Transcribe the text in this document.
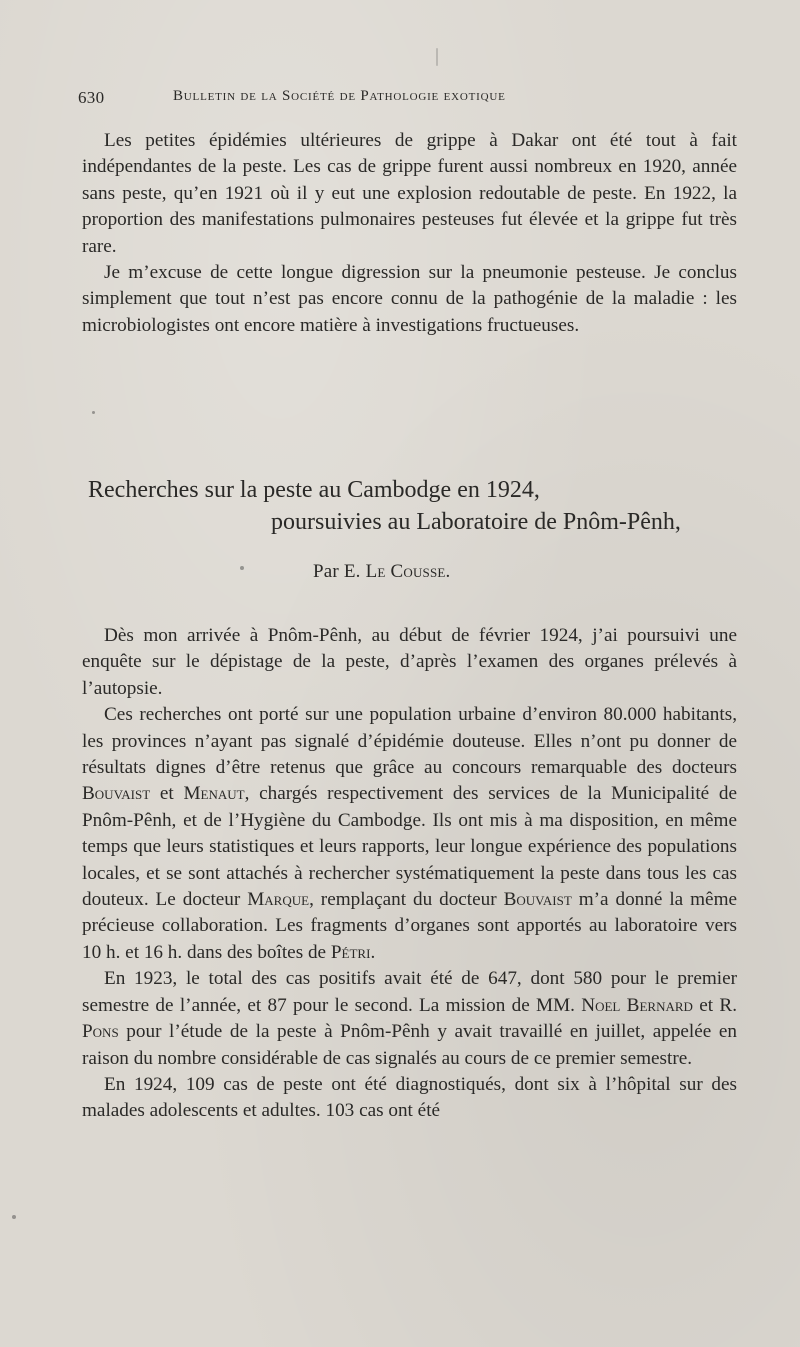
630	Bulletin de la Société de Pathologie exotique

Les petites épidémies ultérieures de grippe à Dakar ont été tout à fait indépendantes de la peste. Les cas de grippe furent aussi nombreux en 1920, année sans peste, qu’en 1921 où il y eut une explosion redoutable de peste. En 1922, la proportion des manifestations pulmonaires pesteuses fut élevée et la grippe fut très rare.

Je m’excuse de cette longue digression sur la pneumonie pesteuse. Je conclus simplement que tout n’est pas encore connu de la pathogénie de la maladie : les microbiologistes ont encore matière à investigations fructueuses.

Recherches sur la peste au Cambodge en 1924,
poursuivies au Laboratoire de Pnôm-Pênh,
Par E. Le Cousse.

Dès mon arrivée à Pnôm-Pênh, au début de février 1924, j’ai poursuivi une enquête sur le dépistage de la peste, d’après l’examen des organes prélevés à l’autopsie.

Ces recherches ont porté sur une population urbaine d’environ 80.000 habitants, les provinces n’ayant pas signalé d’épidémie douteuse. Elles n’ont pu donner de résultats dignes d’être retenus que grâce au concours remarquable des docteurs Bouvaist et Menaut, chargés respectivement des services de la Municipalité de Pnôm-Pênh, et de l’Hygiène du Cambodge. Ils ont mis à ma disposition, en même temps que leurs statistiques et leurs rapports, leur longue expérience des populations locales, et se sont attachés à rechercher systématiquement la peste dans tous les cas douteux. Le docteur Marque, remplaçant du docteur Bouvaist m’a donné la même précieuse collaboration. Les fragments d’organes sont apportés au laboratoire vers 10 h. et 16 h. dans des boîtes de Pétri.

En 1923, le total des cas positifs avait été de 647, dont 580 pour le premier semestre de l’année, et 87 pour le second. La mission de MM. Noel Bernard et R. Pons pour l’étude de la peste à Pnôm-Pênh y avait travaillé en juillet, appelée en raison du nombre considérable de cas signalés au cours de ce premier semestre.

En 1924, 109 cas de peste ont été diagnostiqués, dont six à l’hôpital sur des malades adolescents et adultes. 103 cas ont été
